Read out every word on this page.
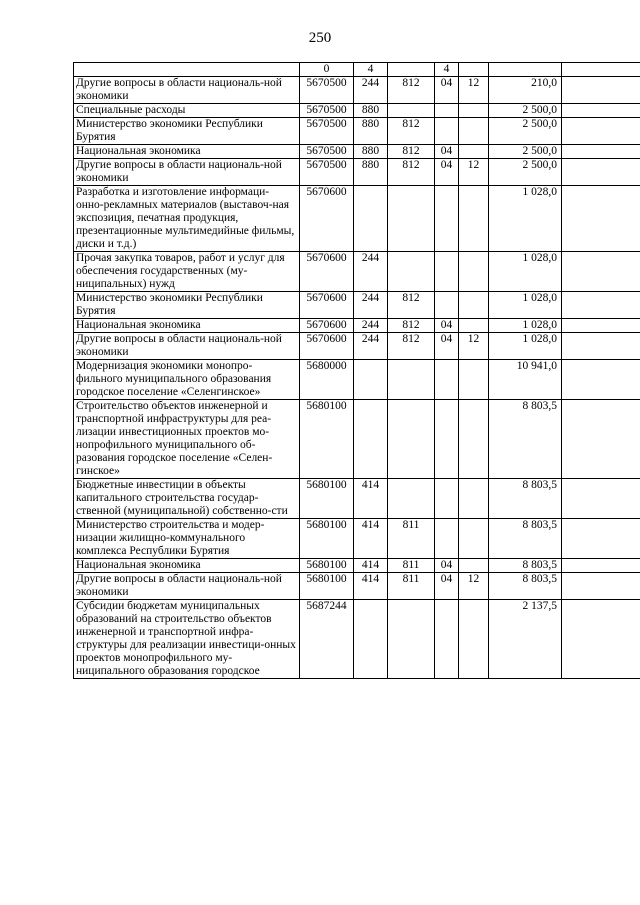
250
	0	4		4			
Другие вопросы в области националь-ной экономики	5670500	244	812	04	12	210,0	
Специальные расходы	5670500	880				2 500,0	
Министерство экономики Республики Бурятия	5670500	880	812			2 500,0	
Национальная экономика	5670500	880	812	04		2 500,0	
Другие вопросы в области националь-ной экономики	5670500	880	812	04	12	2 500,0	
Разработка и изготовление информаци-онно-рекламных материалов (выставоч-ная экспозиция, печатная продукция, презентационные мультимедийные фильмы, диски и т.д.)	5670600					1 028,0	
Прочая закупка товаров, работ и услуг для обеспечения государственных (му-ниципальных) нужд	5670600	244				1 028,0	
Министерство экономики Республики Бурятия	5670600	244	812			1 028,0	
Национальная экономика	5670600	244	812	04		1 028,0	
Другие вопросы в области националь-ной экономики	5670600	244	812	04	12	1 028,0	
Модернизация экономики монопро-фильного муниципального образования городское поселение «Селенгинское»	5680000					10 941,0	
Строительство объектов инженерной и транспортной инфраструктуры для реа-лизации инвестиционных проектов мо-нопрофильного муниципального об-разования городское поселение «Селен-гинское»	5680100					8 803,5	
Бюджетные инвестиции в объекты капитального строительства государ-ственной (муниципальной) собственно-сти	5680100	414				8 803,5	
Министерство строительства и модер-низации жилищно-коммунального комплекса Республики Бурятия	5680100	414	811			8 803,5	
Национальная экономика	5680100	414	811	04		8 803,5	
Другие вопросы в области националь-ной экономики	5680100	414	811	04	12	8 803,5	
Субсидии бюджетам муниципальных образований на строительство объектов инженерной и транспортной инфра-структуры для реализации инвестици-онных проектов монопрофильного му-ниципального образования городское	5687244					2 137,5	
